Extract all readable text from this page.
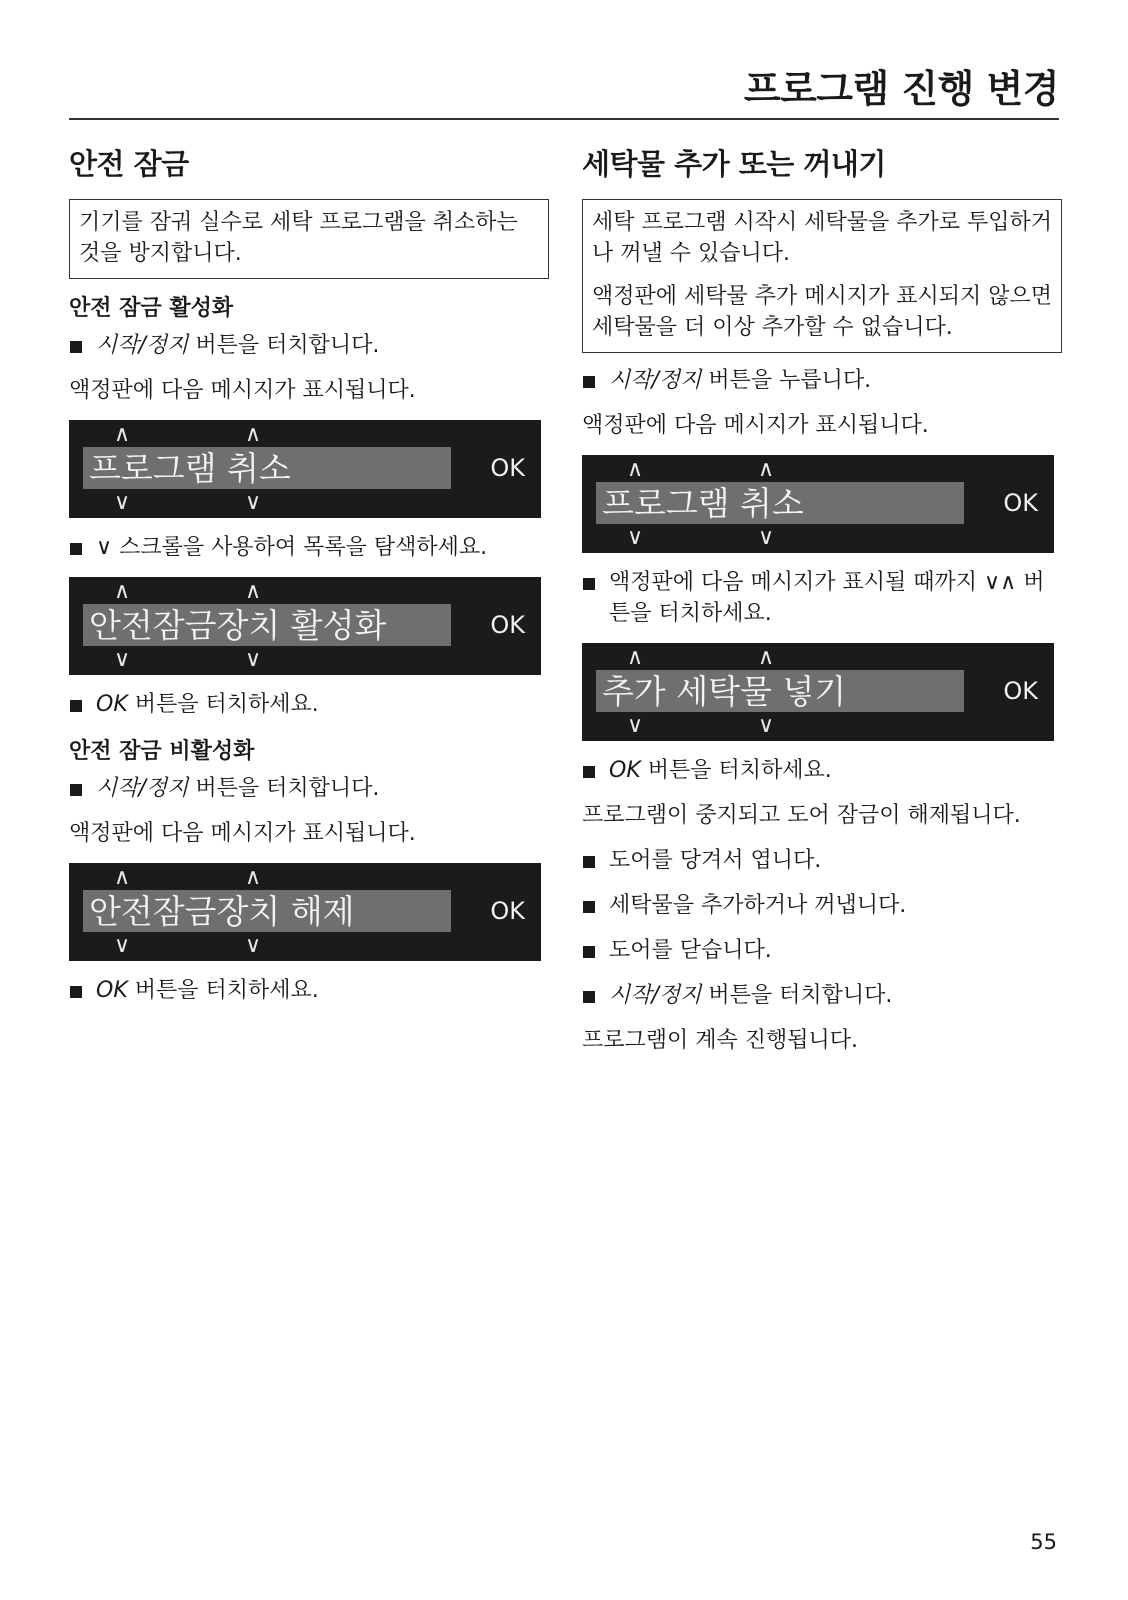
프로그램 진행 변경
안전 잠금

기기를 잠궈 실수로 세탁 프로그램을 취소하는 것을 방지합니다.

안전 잠금 활성화
시작/정지 버튼을 터치합니다.
액정판에 다음 메시지가 표시됩니다.
∧	∧
프로그램 취소	OK
∨	∨
∨ 스크롤을 사용하여 목록을 탐색하세요.
∧	∧
안전잠금장치 활성화	OK
∨	∨
OK 버튼을 터치하세요.
안전 잠금 비활성화
시작/정지 버튼을 터치합니다.
액정판에 다음 메시지가 표시됩니다.
∧	∧
안전잠금장치 해제	OK
∨	∨
OK 버튼을 터치하세요.
세탁물 추가 또는 꺼내기

세탁 프로그램 시작시 세탁물을 추가로 투입하거나 꺼낼 수 있습니다.

액정판에 세탁물 추가 메시지가 표시되지 않으면 세탁물을 더 이상 추가할 수 없습니다.

시작/정지 버튼을 누릅니다.
액정판에 다음 메시지가 표시됩니다.
∧	∧
프로그램 취소	OK
∨	∨
액정판에 다음 메시지가 표시될 때까지 ∨∧ 버튼을 터치하세요.
∧	∧
추가 세탁물 넣기	OK
∨	∨
OK 버튼을 터치하세요.
프로그램이 중지되고 도어 잠금이 해제됩니다.
도어를 당겨서 엽니다.
세탁물을 추가하거나 꺼냅니다.
도어를 닫습니다.
시작/정지 버튼을 터치합니다.
프로그램이 계속 진행됩니다.
55
